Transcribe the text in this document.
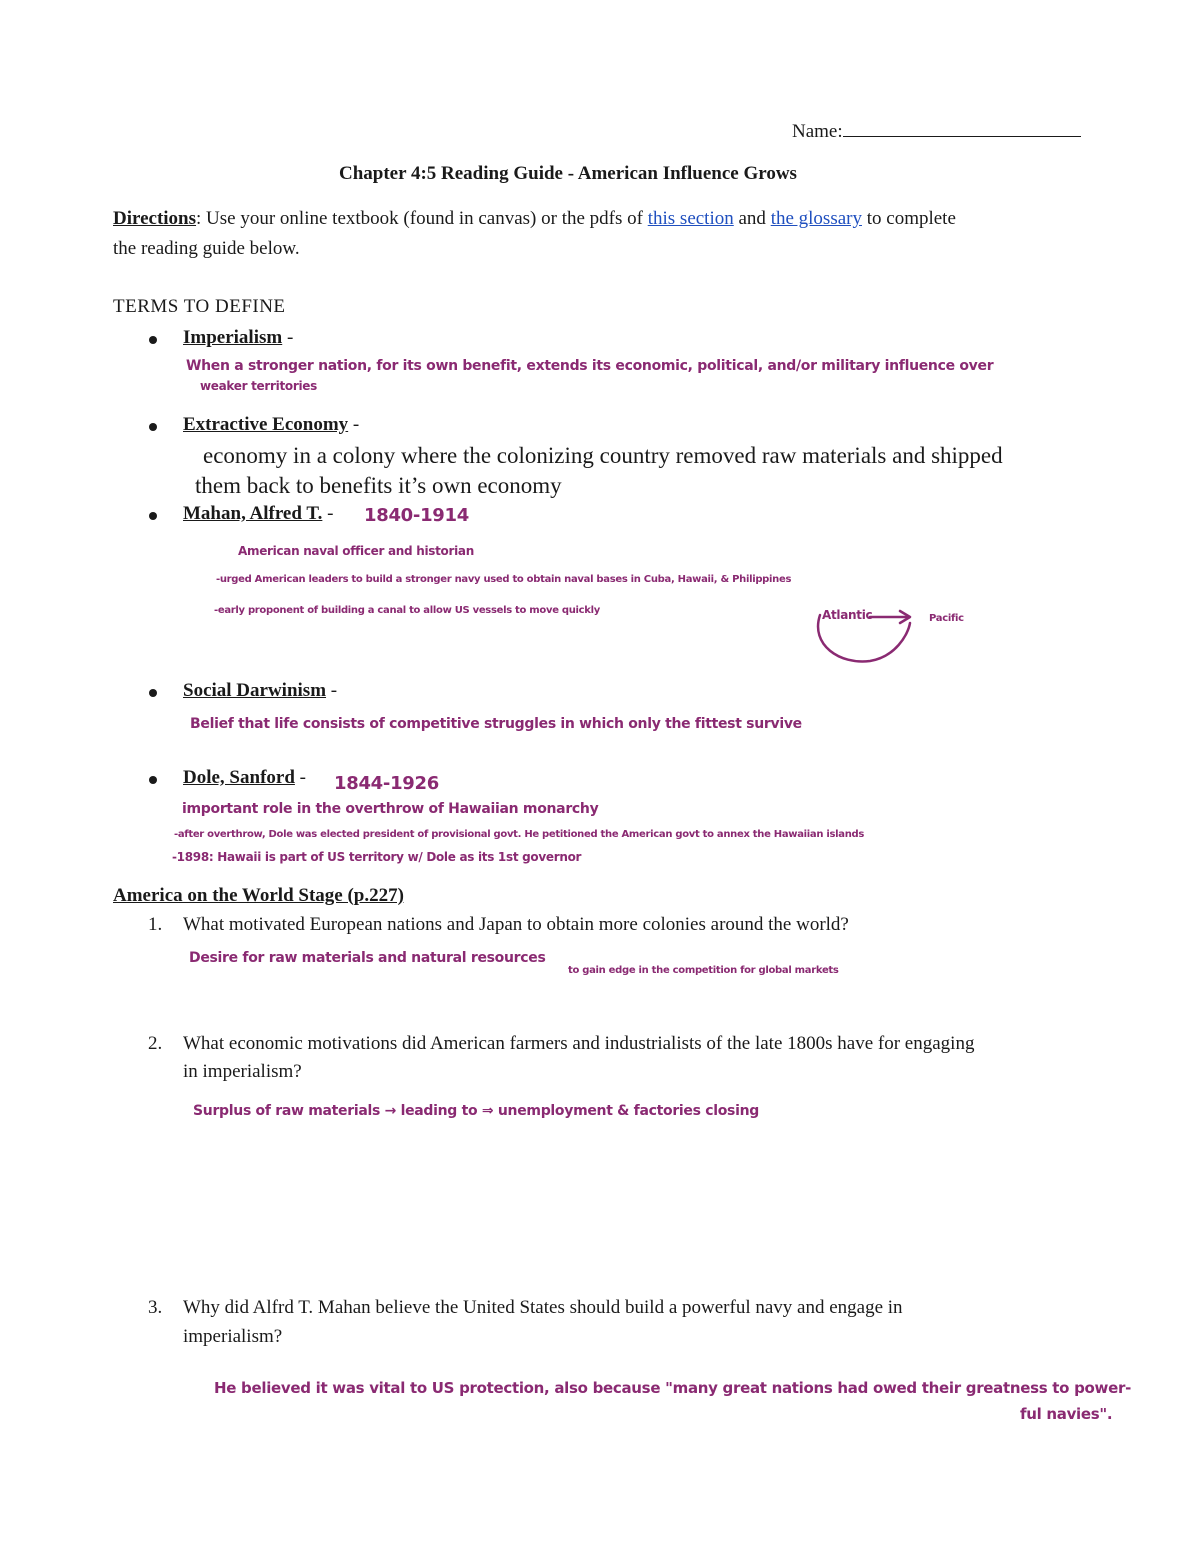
Name:
Chapter 4:5 Reading Guide - American Influence Grows
Directions: Use your online textbook (found in canvas) or the pdfs of this section and the glossary to complete
the reading guide below.
TERMS TO DEFINE
Imperialism -
When a stronger nation, for its own benefit, extends its economic, political, and/or military influence over
weaker territories
Extractive Economy -
economy in a colony where the colonizing country removed raw materials and shipped
them back to benefits it’s own economy
Mahan, Alfred T. - 1840-1914
American naval officer and historian
-urged American leaders to build a stronger navy used to obtain naval bases in Cuba, Hawaii, & Philippines
-early proponent of building a canal to allow US vessels to move quickly	Atlantic	Pacific
Social Darwinism -
Belief that life consists of competitive struggles in which only the fittest survive
Dole, Sanford - 1844-1926
important role in the overthrow of Hawaiian monarchy
-after overthrow, Dole was elected president of provisional govt. He petitioned the American govt to annex the Hawaiian islands
-1898: Hawaii is part of US territory w/ Dole as its 1st governor
America on the World Stage (p.227)
1. What motivated European nations and Japan to obtain more colonies around the world?
Desire for raw materials and natural resources
to gain edge in the competition for global markets
2. What economic motivations did American farmers and industrialists of the late 1800s have for engaging
in imperialism?
Surplus of raw materials → leading to ⇒ unemployment & factories closing
3. Why did Alfrd T. Mahan believe the United States should build a powerful navy and engage in
imperialism?
He believed it was vital to US protection, also because "many great nations had owed their greatness to power-
ful navies".
